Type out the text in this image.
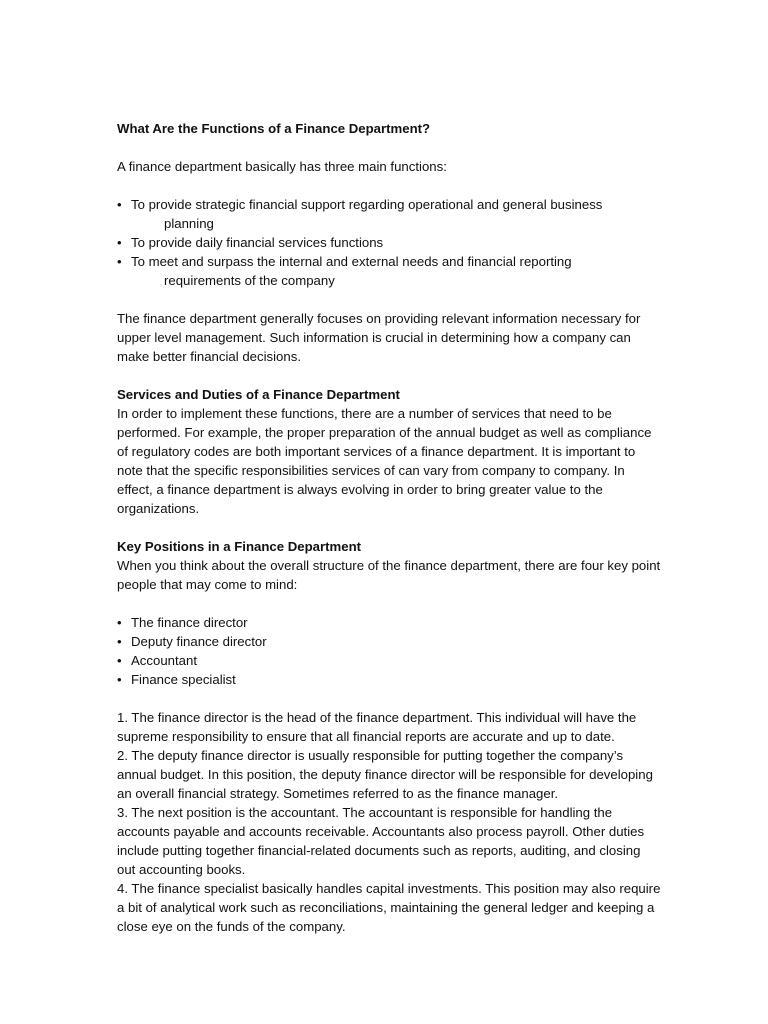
What Are the Functions of a Finance Department?

A finance department basically has three main functions:

• To provide strategic financial support regarding operational and general business
planning
• To provide daily financial services functions
• To meet and surpass the internal and external needs and financial reporting
requirements of the company

The finance department generally focuses on providing relevant information necessary for upper level management. Such information is crucial in determining how a company can make better financial decisions.

Services and Duties of a Finance Department

In order to implement these functions, there are a number of services that need to be performed. For example, the proper preparation of the annual budget as well as compliance of regulatory codes are both important services of a finance department. It is important to note that the specific responsibilities services of can vary from company to company. In effect, a finance department is always evolving in order to bring greater value to the organizations.

Key Positions in a Finance Department

When you think about the overall structure of the finance department, there are four key point people that may come to mind:

• The finance director
• Deputy finance director
• Accountant
• Finance specialist

1. The finance director is the head of the finance department. This individual will have the supreme responsibility to ensure that all financial reports are accurate and up to date.

2. The deputy finance director is usually responsible for putting together the company’s annual budget. In this position, the deputy finance director will be responsible for developing an overall financial strategy. Sometimes referred to as the finance manager.

3. The next position is the accountant. The accountant is responsible for handling the accounts payable and accounts receivable. Accountants also process payroll. Other duties include putting together financial-related documents such as reports, auditing, and closing out accounting books.

4. The finance specialist basically handles capital investments. This position may also require a bit of analytical work such as reconciliations, maintaining the general ledger and keeping a close eye on the funds of the company.
